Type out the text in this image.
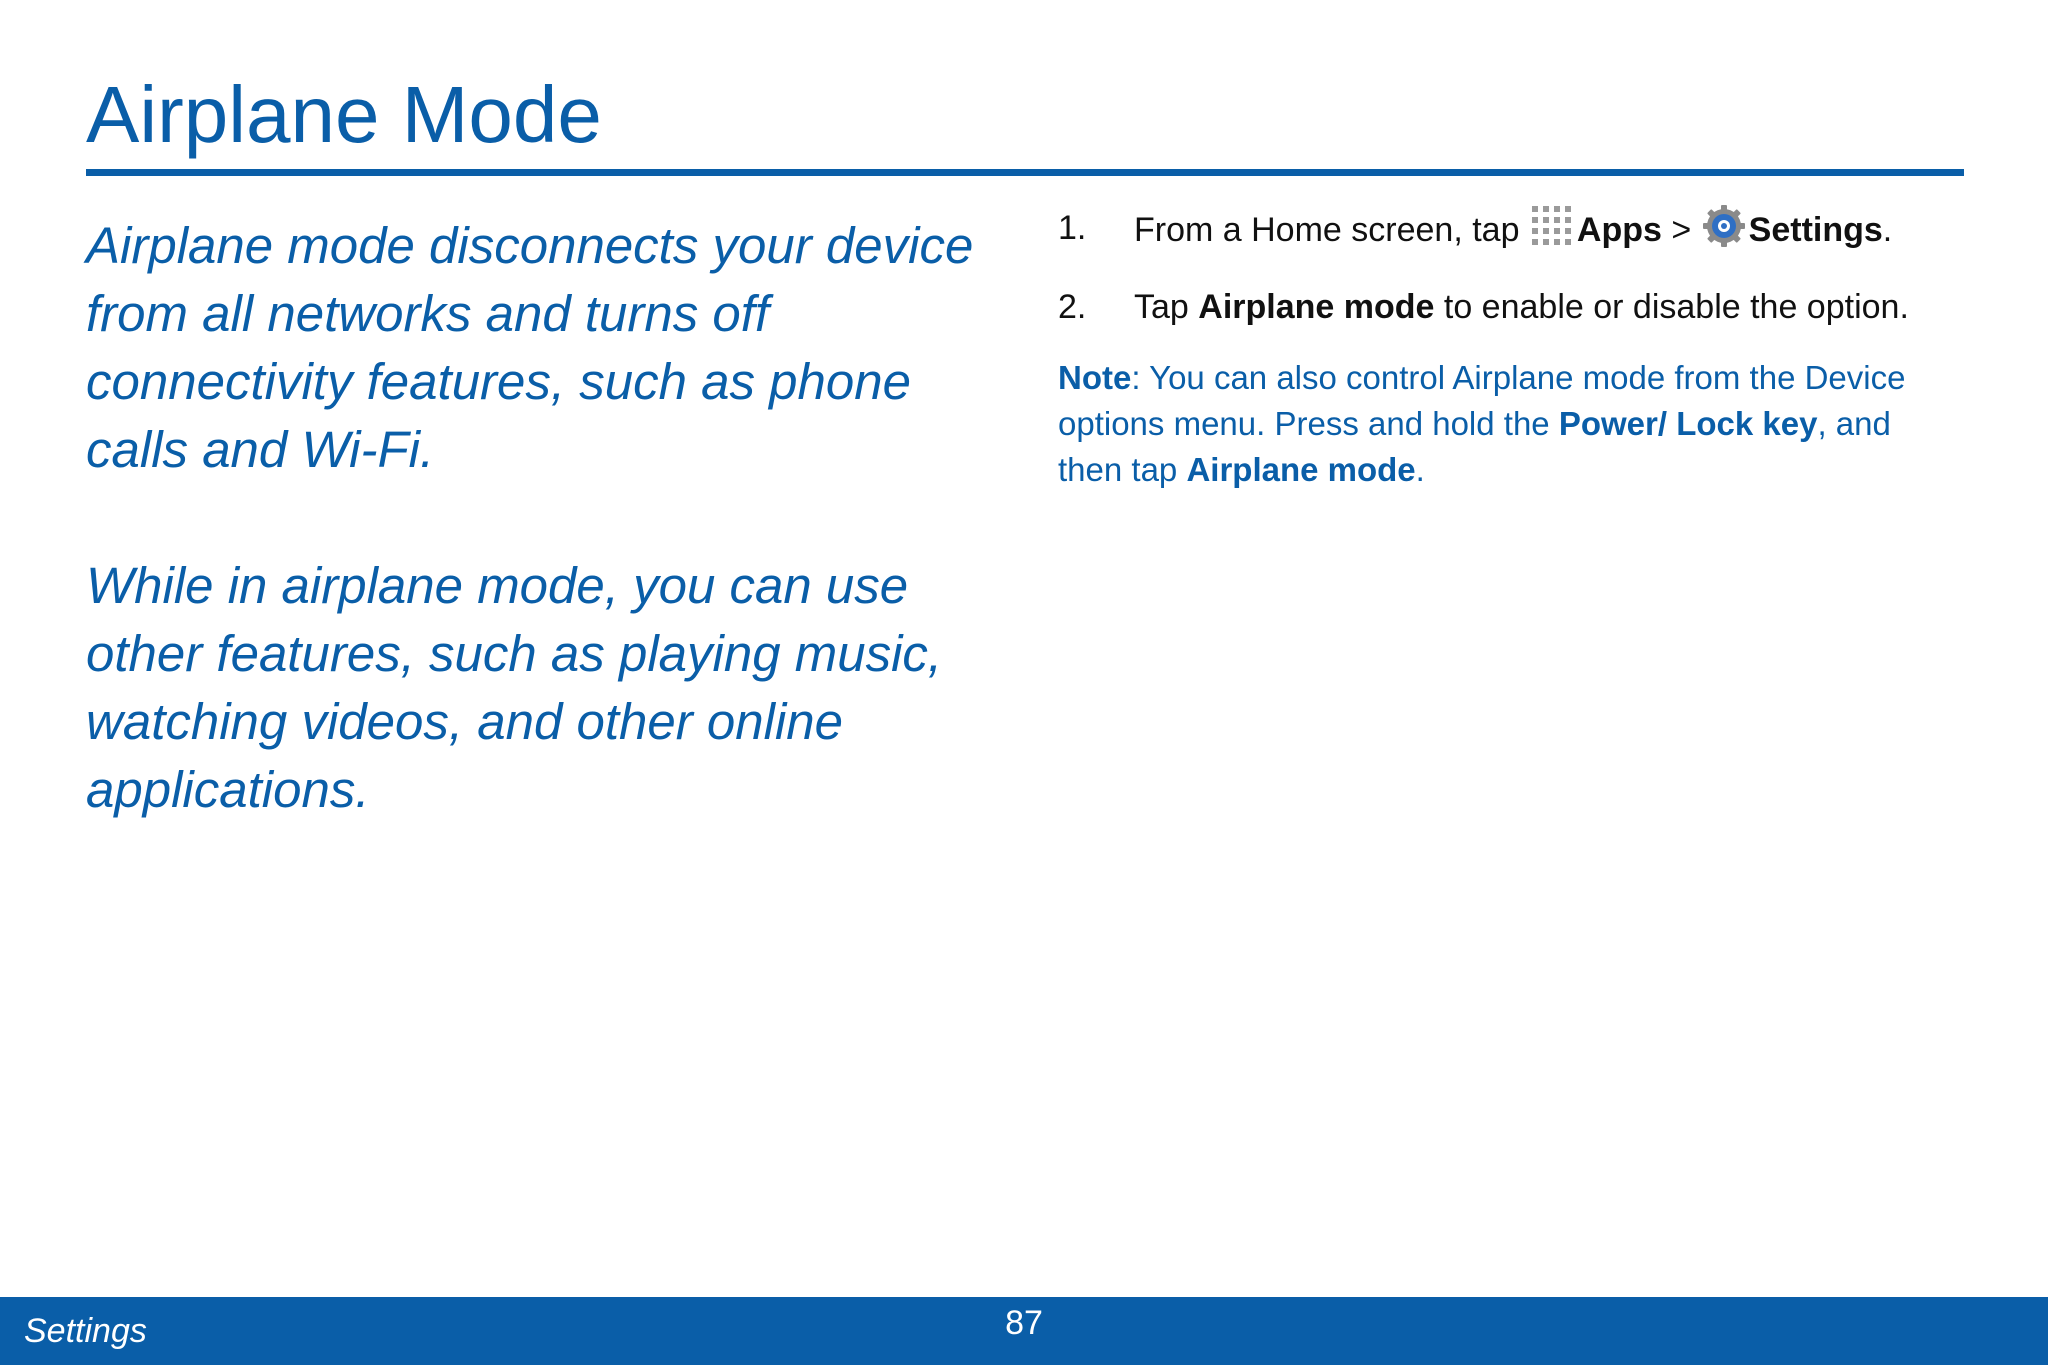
Airplane Mode

Airplane mode disconnects your device from all networks and turns off connectivity features, such as phone calls and Wi-Fi.

While in airplane mode, you can use other features, such as playing music, watching videos, and other online applications.

1. From a Home screen, tap Apps > Settings.
2. Tap Airplane mode to enable or disable the option.
Note: You can also control Airplane mode from the Device options menu. Press and hold the Power/ Lock key, and then tap Airplane mode.
Settings	87
